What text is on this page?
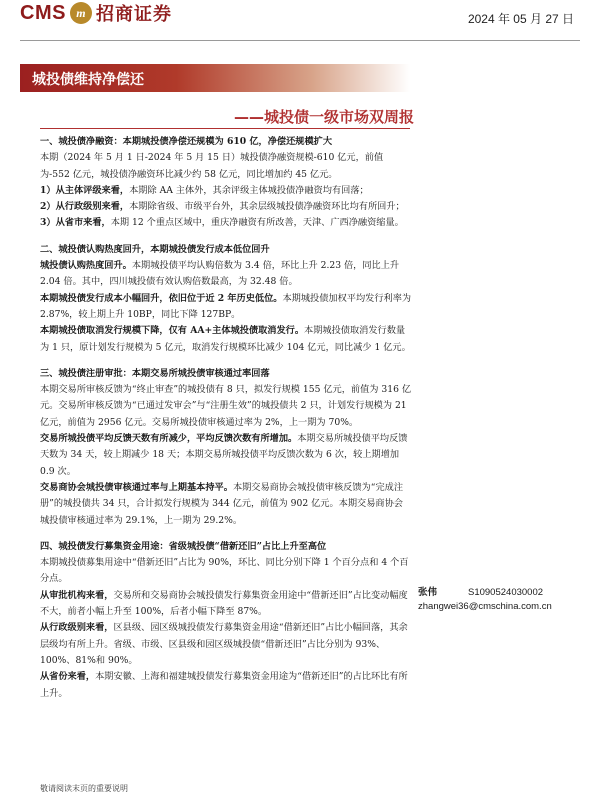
CMS m 招商证券	2024 年 05 月 27 日
城投债维持净偿还
——城投债一级市场双周报

一、城投债净融资：本期城投债净偿还规模为 610 亿，净偿还规模扩大

本期（2024 年 5 月 1 日-2024 年 5 月 15 日）城投债净融资规模-610 亿元，前值为-552 亿元，城投债净融资环比减少约 58 亿元，同比增加约 45 亿元。

1）从主体评级来看，本期除 AA 主体外，其余评级主体城投债净融资均有回落；

2）从行政级别来看，本期除省级、市级平台外，其余层级城投债净融资环比均有所回升；

3）从省市来看，本期 12 个重点区域中，重庆净融资有所改善，天津、广西净融资缩量。

二、城投债认购热度回升，本期城投债发行成本低位回升

城投债认购热度回升。本期城投债平均认购倍数为 3.4 倍，环比上升 2.23 倍，同比上升 2.04 倍。其中，四川城投债有效认购倍数最高，为 32.48 倍。

本期城投债发行成本小幅回升，依旧位于近 2 年历史低位。本期城投债加权平均发行利率为 2.87%，较上期上升 10BP，同比下降 127BP。

本期城投债取消发行规模下降，仅有 AA+主体城投债取消发行。本期城投债取消发行数量为 1 只，原计划发行规模为 5 亿元，取消发行规模环比减少 104 亿元，同比减少 1 亿元。

三、城投债注册审批：本期交易所城投债审核通过率回落

本期交易所审核反馈为“终止审查”的城投债有 8 只，拟发行规模 155 亿元，前值为 316 亿元。交易所审核反馈为“已通过发审会”与“注册生效”的城投债共 2 只，计划发行规模为 21 亿元，前值为 2956 亿元。交易所城投债审核通过率为 2%，上一期为 70%。

交易所城投债平均反馈天数有所减少，平均反馈次数有所增加。本期交易所城投债平均反馈天数为 34 天，较上期减少 18 天；本期交易所城投债平均反馈次数为 6 次，较上期增加 0.9 次。

交易商协会城投债审核通过率与上期基本持平。本期交易商协会城投债审核反馈为“完成注册”的城投债共 34 只，合计拟发行规模为 344 亿元，前值为 902 亿元。本期交易商协会城投债审核通过率为 29.1%，上一期为 29.2%。

四、城投债发行募集资金用途：省级城投债“借新还旧”占比上升至高位

本期城投债募集用途中“借新还旧”占比为 90%，环比、同比分别下降 1 个百分点和 4 个百分点。

从审批机构来看，交易所和交易商协会城投债发行募集资金用途中“借新还旧”占比变动幅度不大，前者小幅上升至 100%，后者小幅下降至 87%。

从行政级别来看，区县级、园区级城投债发行募集资金用途“借新还旧”占比小幅回落，其余层级均有所上升。省级、市级、区县级和园区级城投债“借新还旧”占比分别为 93%、100%、81%和 90%。

从省份来看，本期安徽、上海和福建城投债发行募集资金用途为“借新还旧”的占比环比有所上升。

张伟	S1090524030002
zhangwei36@cmschina.com.cn
敬请阅读末页的重要说明
